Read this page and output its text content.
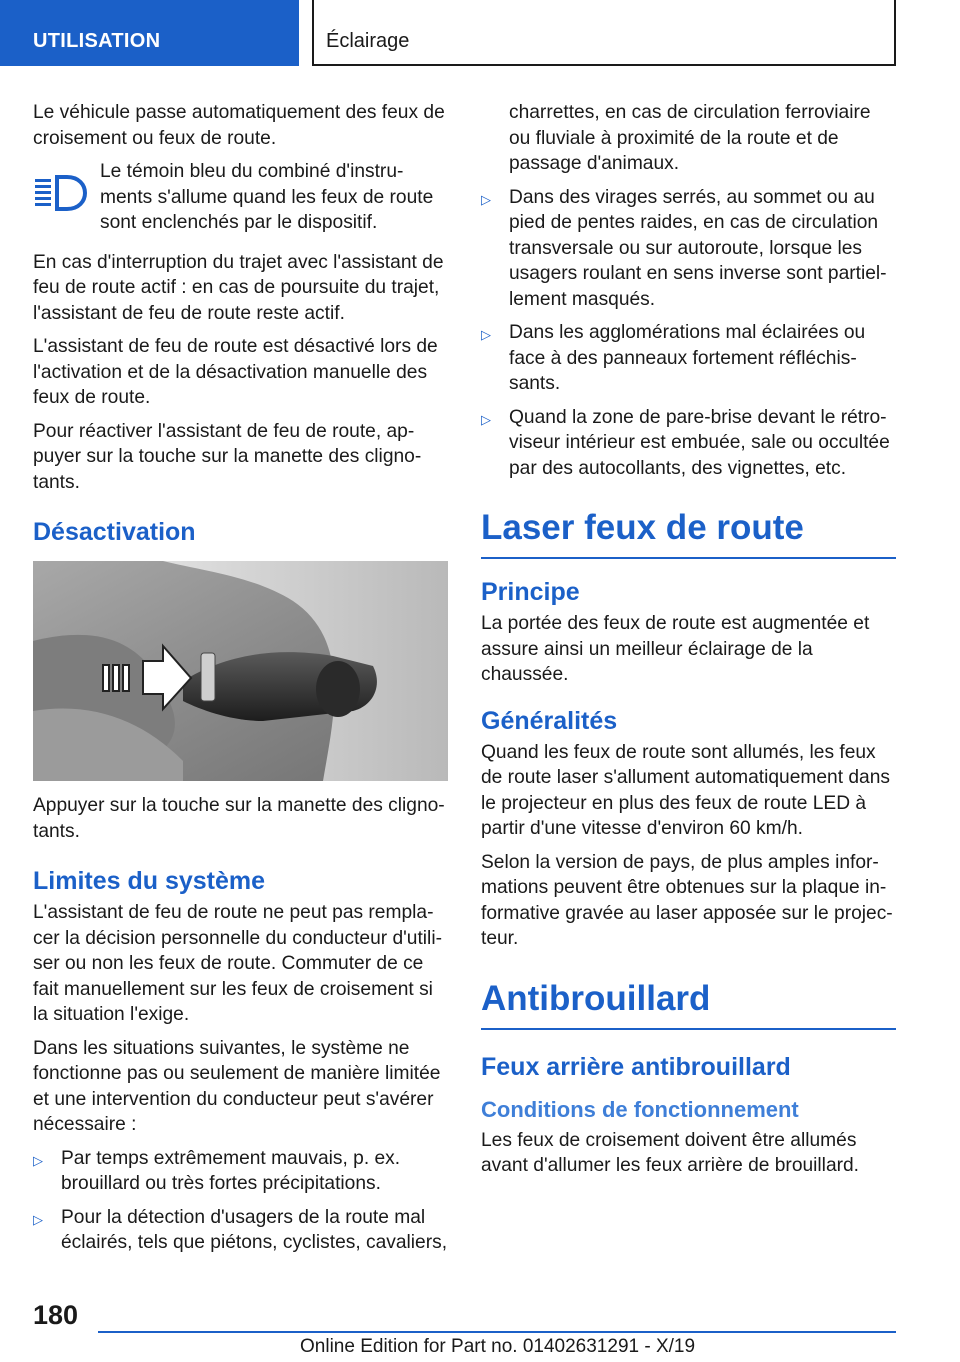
UTILISATION	Éclairage

Le véhicule passe automatiquement des feux de croisement ou feux de route.

Le témoin bleu du combiné d'instru-ments s'allume quand les feux de route sont enclenchés par le dispositif.

En cas d'interruption du trajet avec l'assistant de feu de route actif : en cas de poursuite du trajet, l'assistant de feu de route reste actif.

L'assistant de feu de route est désactivé lors de l'activation et de la désactivation manuelle des feux de route.

Pour réactiver l'assistant de feu de route, ap-puyer sur la touche sur la manette des cligno-tants.

Désactivation

Appuyer sur la touche sur la manette des cligno-tants.

Limites du système

L'assistant de feu de route ne peut pas rempla-cer la décision personnelle du conducteur d'utili-ser ou non les feux de route. Commuter de ce fait manuellement sur les feux de croisement si la situation l'exige.

Dans les situations suivantes, le système ne fonctionne pas ou seulement de manière limitée et une intervention du conducteur peut s'avérer nécessaire :

▷ Par temps extrêmement mauvais, p. ex. brouillard ou très fortes précipitations.
▷ Pour la détection d'usagers de la route mal éclairés, tels que piétons, cyclistes, cavaliers,

charrettes, en cas de circulation ferroviaire ou fluviale à proximité de la route et de passage d'animaux.

▷ Dans des virages serrés, au sommet ou au pied de pentes raides, en cas de circulation transversale ou sur autoroute, lorsque les usagers roulant en sens inverse sont partiel-lement masqués.
▷ Dans les agglomérations mal éclairées ou face à des panneaux fortement réfléchis-sants.
▷ Quand la zone de pare-brise devant le rétro-viseur intérieur est embuée, sale ou occultée par des autocollants, des vignettes, etc.
Laser feux de route
Principe

La portée des feux de route est augmentée et assure ainsi un meilleur éclairage de la chaussée.

Généralités

Quand les feux de route sont allumés, les feux de route laser s'allument automatiquement dans le projecteur en plus des feux de route LED à partir d'une vitesse d'environ 60 km/h.

Selon la version de pays, de plus amples infor-mations peuvent être obtenues sur la plaque in-formative gravée au laser apposée sur le projec-teur.

Antibrouillard
Feux arrière antibrouillard
Conditions de fonctionnement

Les feux de croisement doivent être allumés avant d'allumer les feux arrière de brouillard.

180
Online Edition for Part no. 01402631291 - X/19
